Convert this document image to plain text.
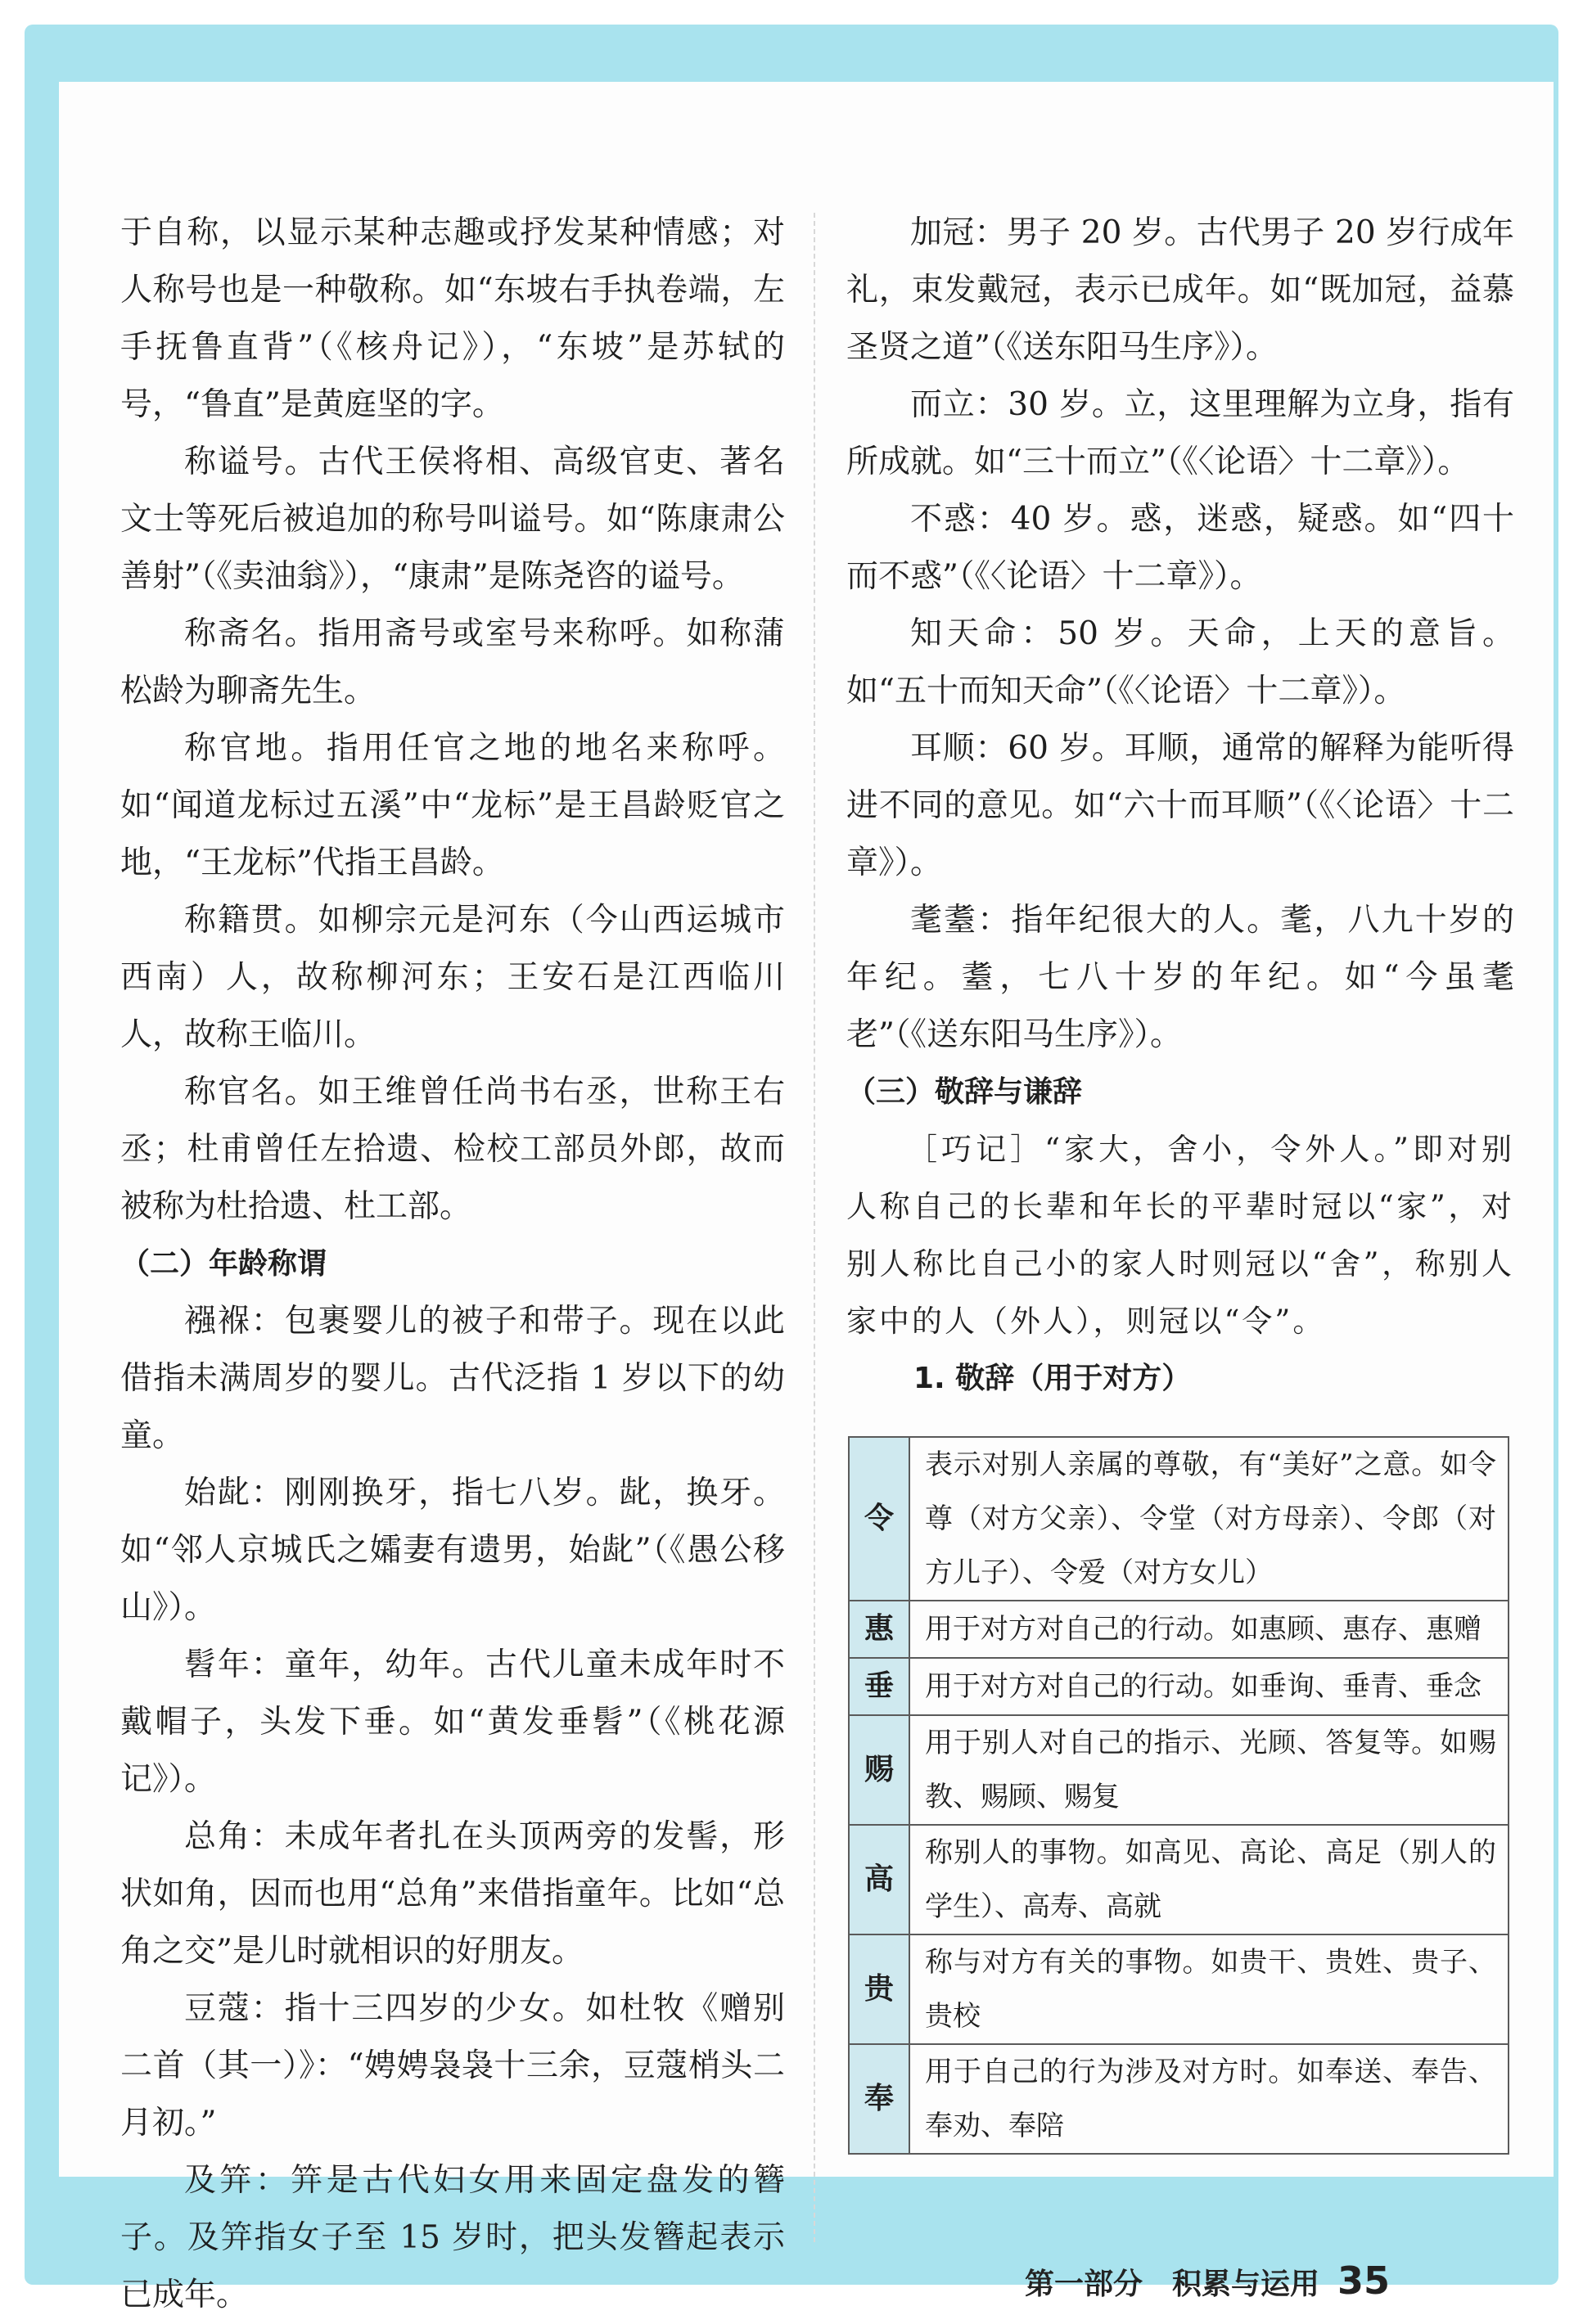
于自称，以显示某种志趣或抒发某种情感；对人称号也是一种敬称。如“东坡右手执卷端，左手抚鲁直背”（《核舟记》），“东坡”是苏轼的号，“鲁直”是黄庭坚的字。

称谥号。古代王侯将相、高级官吏、著名文士等死后被追加的称号叫谥号。如“陈康肃公善射”（《卖油翁》），“康肃”是陈尧咨的谥号。

称斋名。指用斋号或室号来称呼。如称蒲松龄为聊斋先生。

称官地。指用任官之地的地名来称呼。如“闻道龙标过五溪”中“龙标”是王昌龄贬官之地，“王龙标”代指王昌龄。

称籍贯。如柳宗元是河东（今山西运城市西南）人，故称柳河东；王安石是江西临川人，故称王临川。

称官名。如王维曾任尚书右丞，世称王右丞；杜甫曾任左拾遗、检校工部员外郎，故而被称为杜拾遗、杜工部。

（二）年龄称谓

襁褓：包裹婴儿的被子和带子。现在以此借指未满周岁的婴儿。古代泛指 1 岁以下的幼童。

始龀：刚刚换牙，指七八岁。龀，换牙。如“邻人京城氏之孀妻有遗男，始龀”（《愚公移山》）。

髫年：童年，幼年。古代儿童未成年时不戴帽子，头发下垂。如“黄发垂髫”（《桃花源记》）。

总角：未成年者扎在头顶两旁的发髻，形状如角，因而也用“总角”来借指童年。比如“总角之交”是儿时就相识的好朋友。

豆蔻：指十三四岁的少女。如杜牧《赠别二首（其一）》：“娉娉袅袅十三余，豆蔻梢头二月初。”

及笄：笄是古代妇女用来固定盘发的簪子。及笄指女子至 15 岁时，把头发簪起表示已成年。

加冠：男子 20 岁。古代男子 20 岁行成年礼，束发戴冠，表示已成年。如“既加冠，益慕圣贤之道”（《送东阳马生序》）。

而立：30 岁。立，这里理解为立身，指有所成就。如“三十而立”（《〈论语〉十二章》）。

不惑：40 岁。惑，迷惑，疑惑。如“四十而不惑”（《〈论语〉十二章》）。

知天命：50 岁。天命，上天的意旨。如“五十而知天命”（《〈论语〉十二章》）。

耳顺：60 岁。耳顺，通常的解释为能听得进不同的意见。如“六十而耳顺”（《〈论语〉十二章》）。

耄耋：指年纪很大的人。耄，八九十岁的年纪。耋，七八十岁的年纪。如“今虽耄老”（《送东阳马生序》）。

（三）敬辞与谦辞

［巧记］“家大，舍小，令外人。”即对别人称自己的长辈和年长的平辈时冠以“家”，对别人称比自己小的家人时则冠以“舍”，称别人家中的人（外人），则冠以“令”。

1. 敬辞（用于对方）

令	表示对别人亲属的尊敬，有“美好”之意。如令尊（对方父亲）、令堂（对方母亲）、令郎（对方儿子）、令爱（对方女儿）
惠	用于对方对自己的行动。如惠顾、惠存、惠赠
垂	用于对方对自己的行动。如垂询、垂青、垂念
赐	用于别人对自己的指示、光顾、答复等。如赐教、赐顾、赐复
高	称别人的事物。如高见、高论、高足（别人的学生）、高寿、高就
贵	称与对方有关的事物。如贵干、贵姓、贵子、贵校
奉	用于自己的行为涉及对方时。如奉送、奉告、奉劝、奉陪
第一部分　积累与运用 35
